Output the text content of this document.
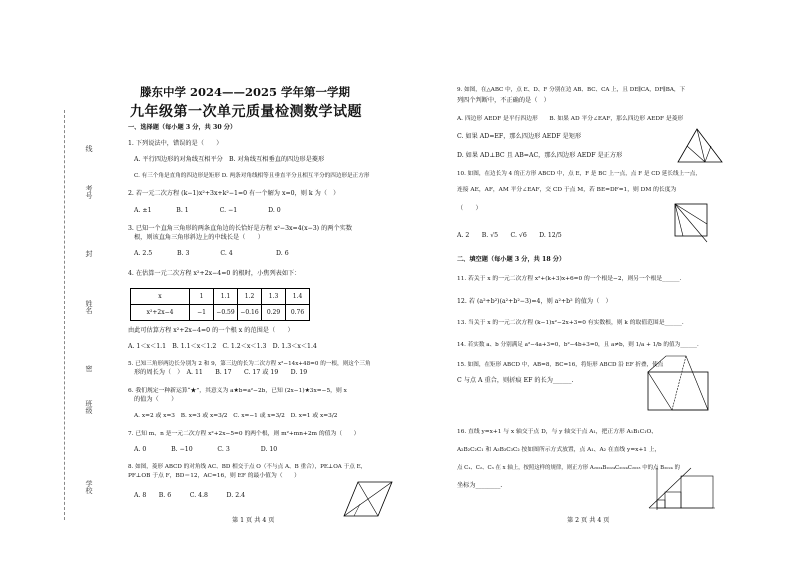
线
封
密
考号
姓名
班级
学校
滕东中学 2024——2025 学年第一学期
九年级第一次单元质量检测数学试题
一、选择题（每小题 3 分，共 30 分）
1. 下列说法中，错误的是（　　）
A. 平行四边形的对角线互相平分　B. 对角线互相垂直的四边形是菱形
C. 有三个角是直角的四边形是矩形 D. 两条对角线相等且垂直平分且相互平分的四边形是正方形
2. 若一元二次方程 (k−1)x²+3x+k²−1=0 有一个解为 x=0，则 k 为（　）
A. ±1　　　　B. 1　　　　　C. −1　　　　　D. 0
3. 已知一个直角三角形的两条直角边的长恰好是方程 x²−3x=4(x−3) 的两个实数
根，则该直角三角形斜边上的中线长是（　　）
A. 2.5　　　　B. 3　　　　　C. 4　　　　　　　D. 6
4. 在估算一元二次方程 x²+2x−4=0 的根时，小焦列表如下：
x	1	1.1	1.2	1.3	1.4
x²+2x−4	−1	−0.59	−0.16	0.29	0.76
由此可估算方程 x²+2x−4=0 的一个根 x 的范围是（　　）
A. 1＜x＜1.1　B. 1.1＜x＜1.2　C. 1.2＜x＜1.3　D. 1.3＜x＜1.4
5. 已知三角形两边长分别为 2 和 9，第三边的长为二次方程 x²−14x+48=0 的一根，则这个三角
形的周长为（　）　A. 11　　B. 17　　C. 17 或 19　　D. 19
6. 我们规定一种新运算“★”，其意义为 a★b=a²−2b，已知 (2x−1)★3x=−5，则 x
的值为（　　）
A. x=2 或 x=3　B. x=3 或 x=3/2　C. x=−1 或 x=3/2　D. x=1 或 x=3/2
7. 已知 m、n 是一元二次方程 x²+2x−5=0 的两个根，则 m²+mn+2m 的值为（　　）
A. 0　　　　B. −10　　　　C. 3　　　　　D. 10
8. 如图，菱形 ABCD 的对角线 AC、BD 相交于点 O（不与点 A、B 重合），PE⊥OA 于点 E，
PF⊥OB 于点 F，BD＝12，AC=16，则 EF 的最小值为（　　）
A. 8　　B. 6　　　C. 4.8　　　D. 2.4
第 1 页 共 4 页
9. 如图，在△ABC 中，点 E、D、F 分别在边 AB、BC、CA 上，且 DE∥CA，DF∥BA，下
列四个判断中，不正确的是（　）
A. 四边形 AEDF 是平行四边形　　B. 如果 AD 平分∠EAF，那么四边形 AEDF 是菱形
C. 如果 AD=EF，那么四边形 AEDF 是矩形
D. 如果 AD⊥BC 且 AB=AC，那么四边形 AEDF 是正方形
10. 如图，在边长为 4 的正方形 ABCD 中，点 E，F 是 BC 上一点，点 F 是 CD 延长线上一点，
连接 AE，AF，AM 平分∠EAF，交 CD 于点 M，若 BE=DF=1，则 DM 的长度为
（　　）
A. 2　　B. √5　　C. √6　　D. 12/5
二、填空题（每小题 3 分，共 18 分）
11. 若关于 x 的一元二次方程 x²+(k+3)x+6=0 的一个根是−2，则另一个根是______.
12. 若 (a²+b²)(a²+b²−3)=4，则 a²+b² 的值为（　）
13. 当关于 x 的一元二次方程 (k−1)x²−2x+3=0 有实数根，则 k 的取值范围是______.
14. 若实数 a、b 分别满足 a²−4a+3=0，b²−4b+3=0，且 a≠b，则 1/a + 1/b 的值为______.
15. 如图，在矩形 ABCD 中，AB=8，BC=16，将矩形 ABCD 沿 EF 折叠，使点
C 与点 A 重合，则折痕 EF 的长为______.
16. 直线 y=x+1 与 x 轴交于点 D，与 y 轴交于点 A₁，把正方形 A₁B₁C₁O、
A₂B₂C₂C₁ 和 A₃B₃C₃C₂ 按如图所示方式放置，点 A₁、A₂ 在直线 y=x+1 上，
点 C₁、C₂、C₃ 在 x 轴上，按照这样的规律，则正方形 A₂₀₂₄B₂₀₂₄C₂₀₂₄C₂₀₂₃ 中的点 B₂₀₂₄ 的
坐标为________.
第 2 页 共 4 页
